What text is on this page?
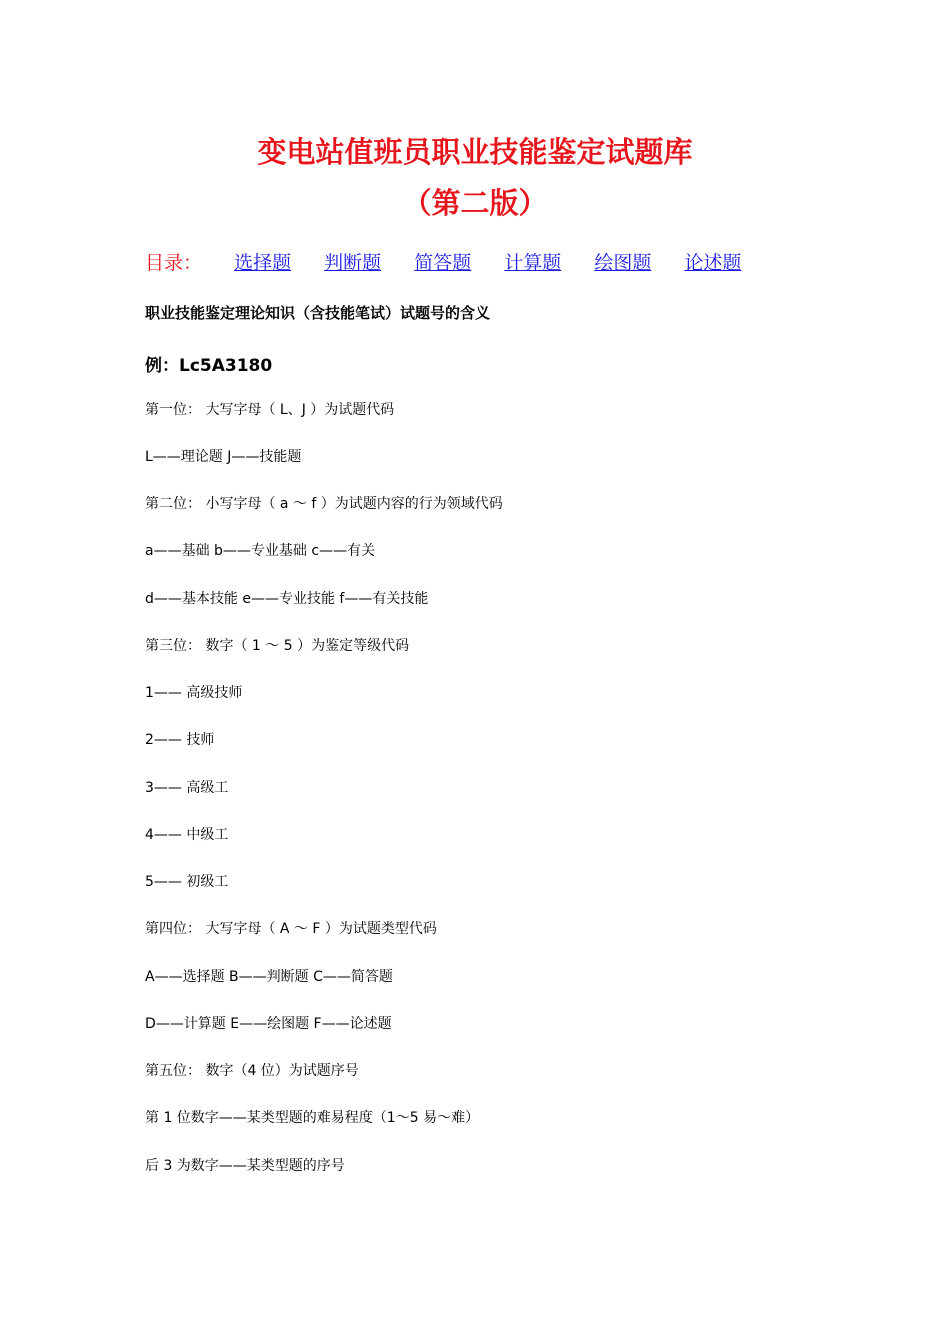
变电站值班员职业技能鉴定试题库
（第二版）
目录： 选择题 判断题 简答题 计算题 绘图题 论述题
职业技能鉴定理论知识（含技能笔试）试题号的含义
例：Lc5A3180
第一位： 大写字母（ L、J ）为试题代码
L——理论题 J——技能题
第二位： 小写字母（ a ～ f ）为试题内容的行为领域代码
a——基础 b——专业基础 c——有关
d——基本技能 e——专业技能 f——有关技能
第三位： 数字（ 1 ～ 5 ）为鉴定等级代码
1—— 高级技师
2—— 技师
3—— 高级工
4—— 中级工
5—— 初级工
第四位： 大写字母（ A ～ F ）为试题类型代码
A——选择题 B——判断题 C——简答题
D——计算题 E——绘图题 F——论述题
第五位： 数字（4 位）为试题序号
第 1 位数字——某类型题的难易程度（1～5 易～难）
后 3 为数字——某类型题的序号
